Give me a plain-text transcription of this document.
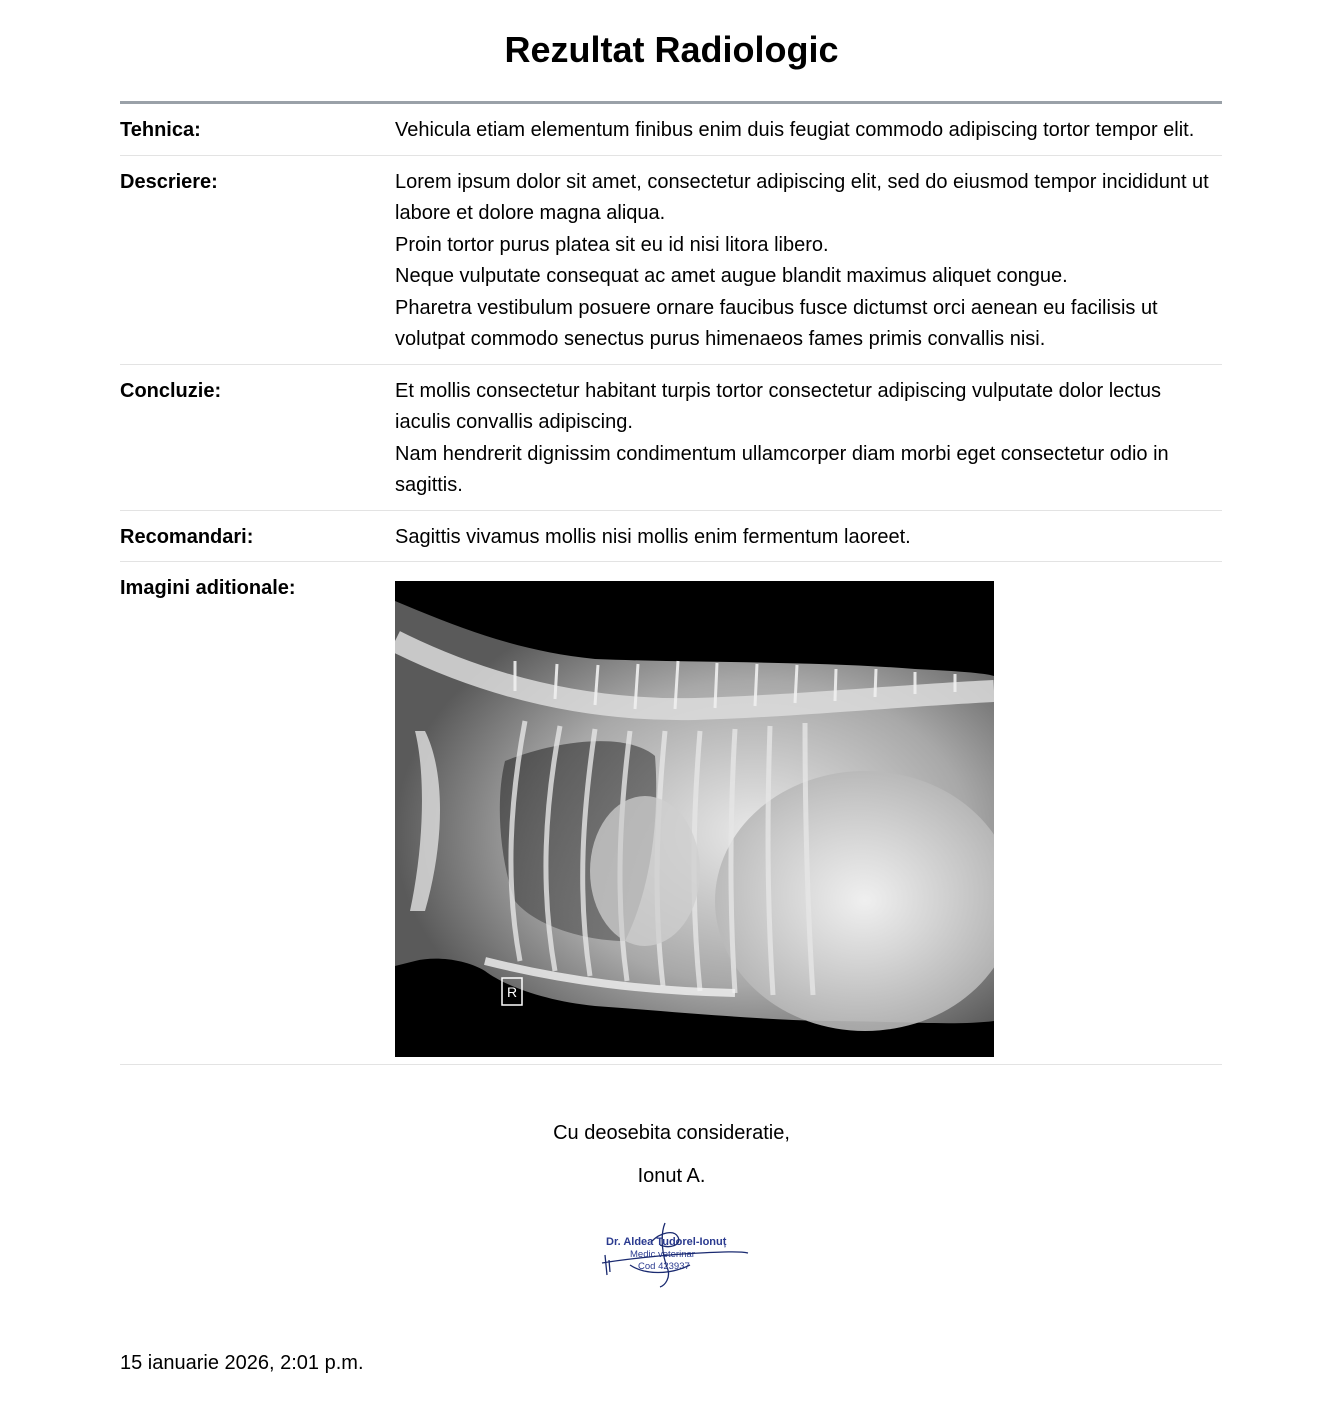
Rezultat Radiologic
Tehnica:	Vehicula etiam elementum finibus enim duis feugiat commodo adipiscing tortor tempor elit.

Descriere:	Lorem ipsum dolor sit amet, consectetur adipiscing elit, sed do eiusmod tempor incididunt ut labore et dolore magna aliqua.

Proin tortor purus platea sit eu id nisi litora libero.

Neque vulputate consequat ac amet augue blandit maximus aliquet congue.

Pharetra vestibulum posuere ornare faucibus fusce dictumst orci aenean eu facilisis ut volutpat commodo senectus purus himenaeos fames primis convallis nisi.

Concluzie:	Et mollis consectetur habitant turpis tortor consectetur adipiscing vulputate dolor lectus iaculis convallis adipiscing.

Nam hendrerit dignissim condimentum ullamcorper diam morbi eget consectetur odio in sagittis.

Recomandari:	Sagittis vivamus mollis nisi mollis enim fermentum laoreet.

Imagini aditionale:
R
Cu deosebita consideratie,
Ionut A.
Dr. Aldea Tudorel-Ionuț
Medic veterinar
Cod 423937
15 ianuarie 2026, 2:01 p.m.
